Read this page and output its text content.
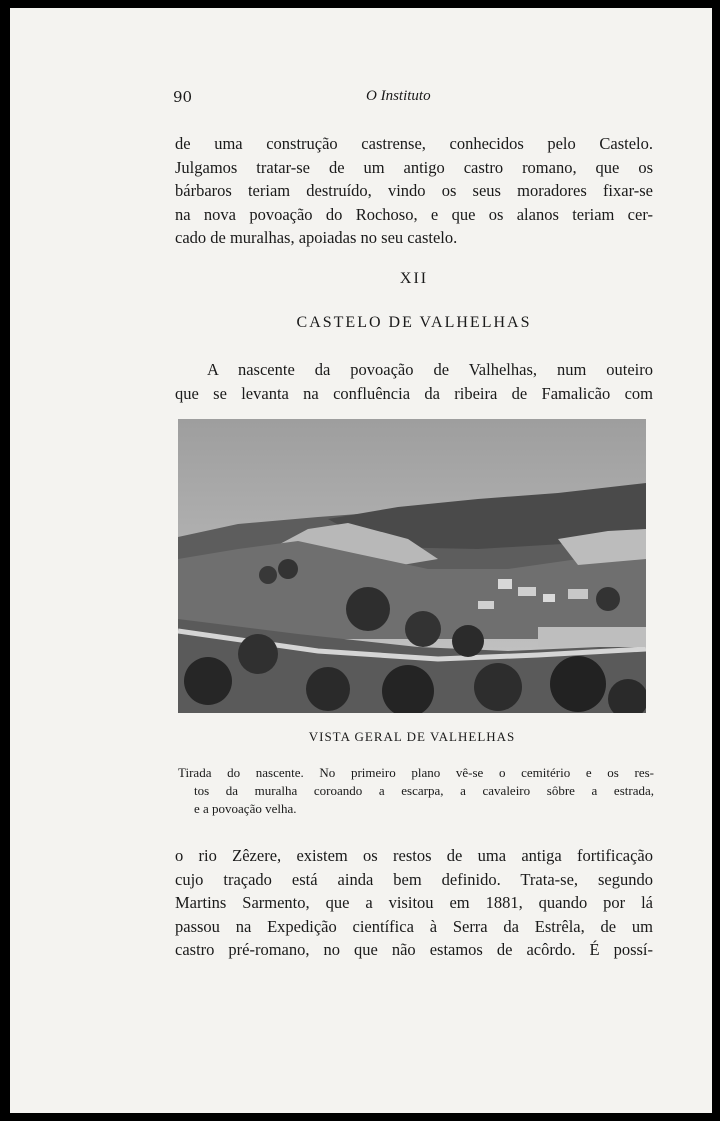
90	O Instituto

de uma construção castrense, conhecidos pelo Castelo.
Julgamos tratar-se de um antigo castro romano, que os
bárbaros teriam destruído, vindo os seus moradores fixar-se
na nova povoação do Rochoso, e que os alanos teriam cer-
cado de muralhas, apoiadas no seu castelo.

XII
CASTELO DE VALHELHAS

A nascente da povoação de Valhelhas, num outeiro
que se levanta na confluência da ribeira de Famalicão com

VISTA GERAL DE VALHELHAS
Tirada do nascente. No primeiro plano vê-se o cemitério e os res-
tos da muralha coroando a escarpa, a cavaleiro sôbre a estrada,
e a povoação velha.

o rio Zêzere, existem os restos de uma antiga fortificação
cujo traçado está ainda bem definido. Trata-se, segundo
Martins Sarmento, que a visitou em 1881, quando por lá
passou na Expedição científica à Serra da Estrêla, de um
castro pré-romano, no que não estamos de acôrdo. É possí-
